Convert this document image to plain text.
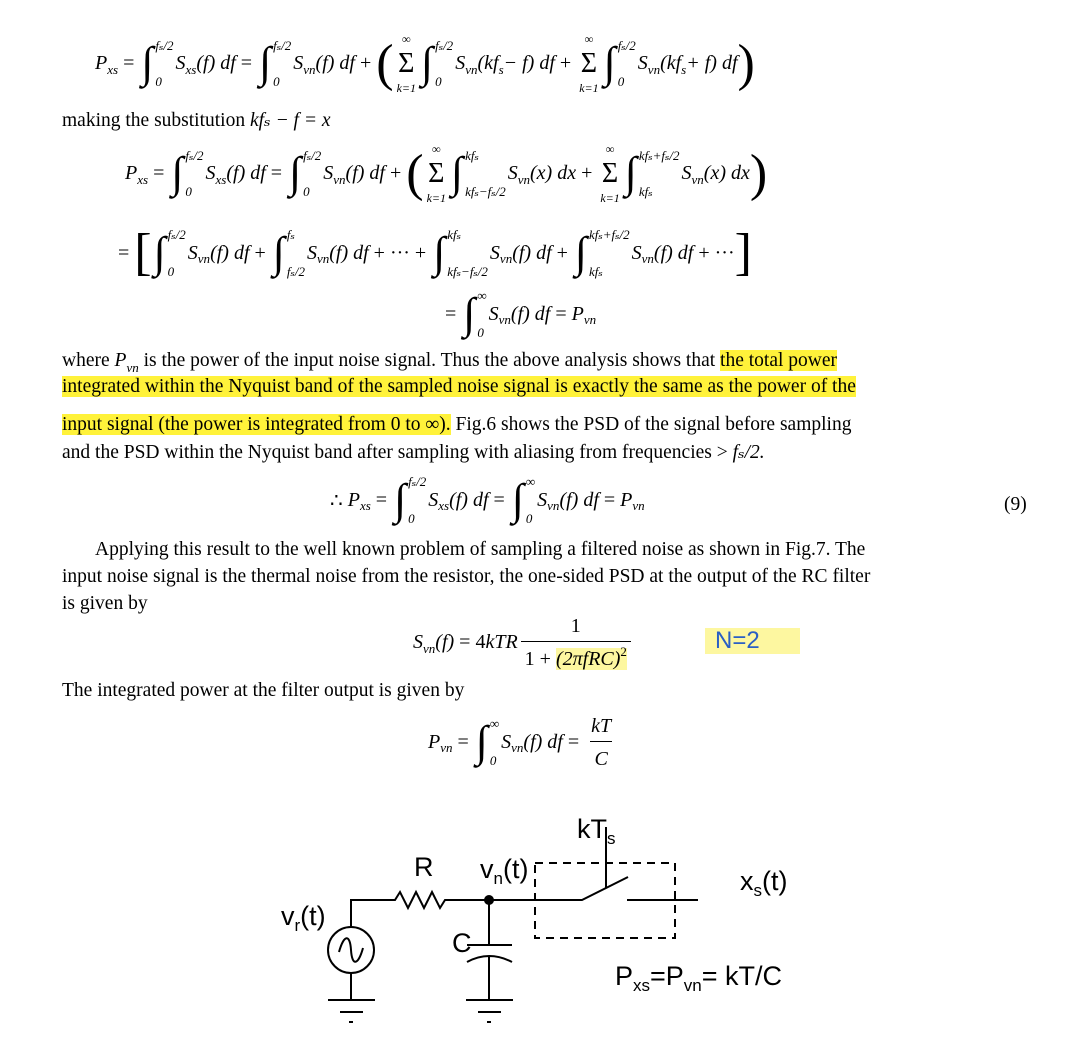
P xs = ∫ fₛ/2
0
S xs (f) df = ∫ fₛ/2
0
S vn (f) df + ( ∞
Σ
k=1
∫ fₛ/2
0
S vn (kf s − f) df +
∞
Σ
k=1
∫ fₛ/2
0
S vn (kf s + f) df )
making the substitution kfₛ − f = x
P xs = ∫ fₛ/2
0
S xs (f) df = ∫ fₛ/2
0
S vn (f) df + ( ∞
Σ
k=1
∫ kfₛ
kfₛ−fₛ/2
S vn (x) dx +
∞
Σ
k=1
∫ kfₛ+fₛ/2
kfₛ
S vn (x) dx )
= [ ∫ fₛ/2
0
S vn (f) df + ∫ fₛ
fₛ/2
S vn (f) df + ··· + ∫ kfₛ
kfₛ−fₛ/2
S vn (f) df + ∫ kfₛ+fₛ/2
kfₛ
S vn (f) df + ··· ]
= ∫ ∞
0
S vn (f) df = P vn
where $P_{vn}$ is the power of the input noise signal. Thus the above analysis shows that the total power
integrated within the Nyquist band of the sampled noise signal is exactly the same as the power of the
input signal (the power is integrated from 0 to ∞). Fig.6 shows the PSD of the signal before sampling
and the PSD within the Nyquist band after sampling with aliasing from frequencies > fₛ/2.
∴ P xs = ∫ fₛ/2
0
S xs (f) df = ∫ ∞
0
S vn (f) df = P vn	(9)
Applying this result to the well known problem of sampling a filtered noise as shown in Fig.7. The
input noise signal is the thermal noise from the resistor, the one-sided PSD at the output of the RC filter
is given by
S vn (f) = 4 kTR $\frac{1}{1 + (2\pi fRC)^2}$	N=2
The integrated power at the filter output is given by
P vn = ∫ ∞
0
S vn (f) df = $\frac{kT}{C}$
$v_r(t)$
R $v_n(t)$
C
$kT_s$
$x_s(t)$
$P_{xs}=P_{vn}= kT/C$
